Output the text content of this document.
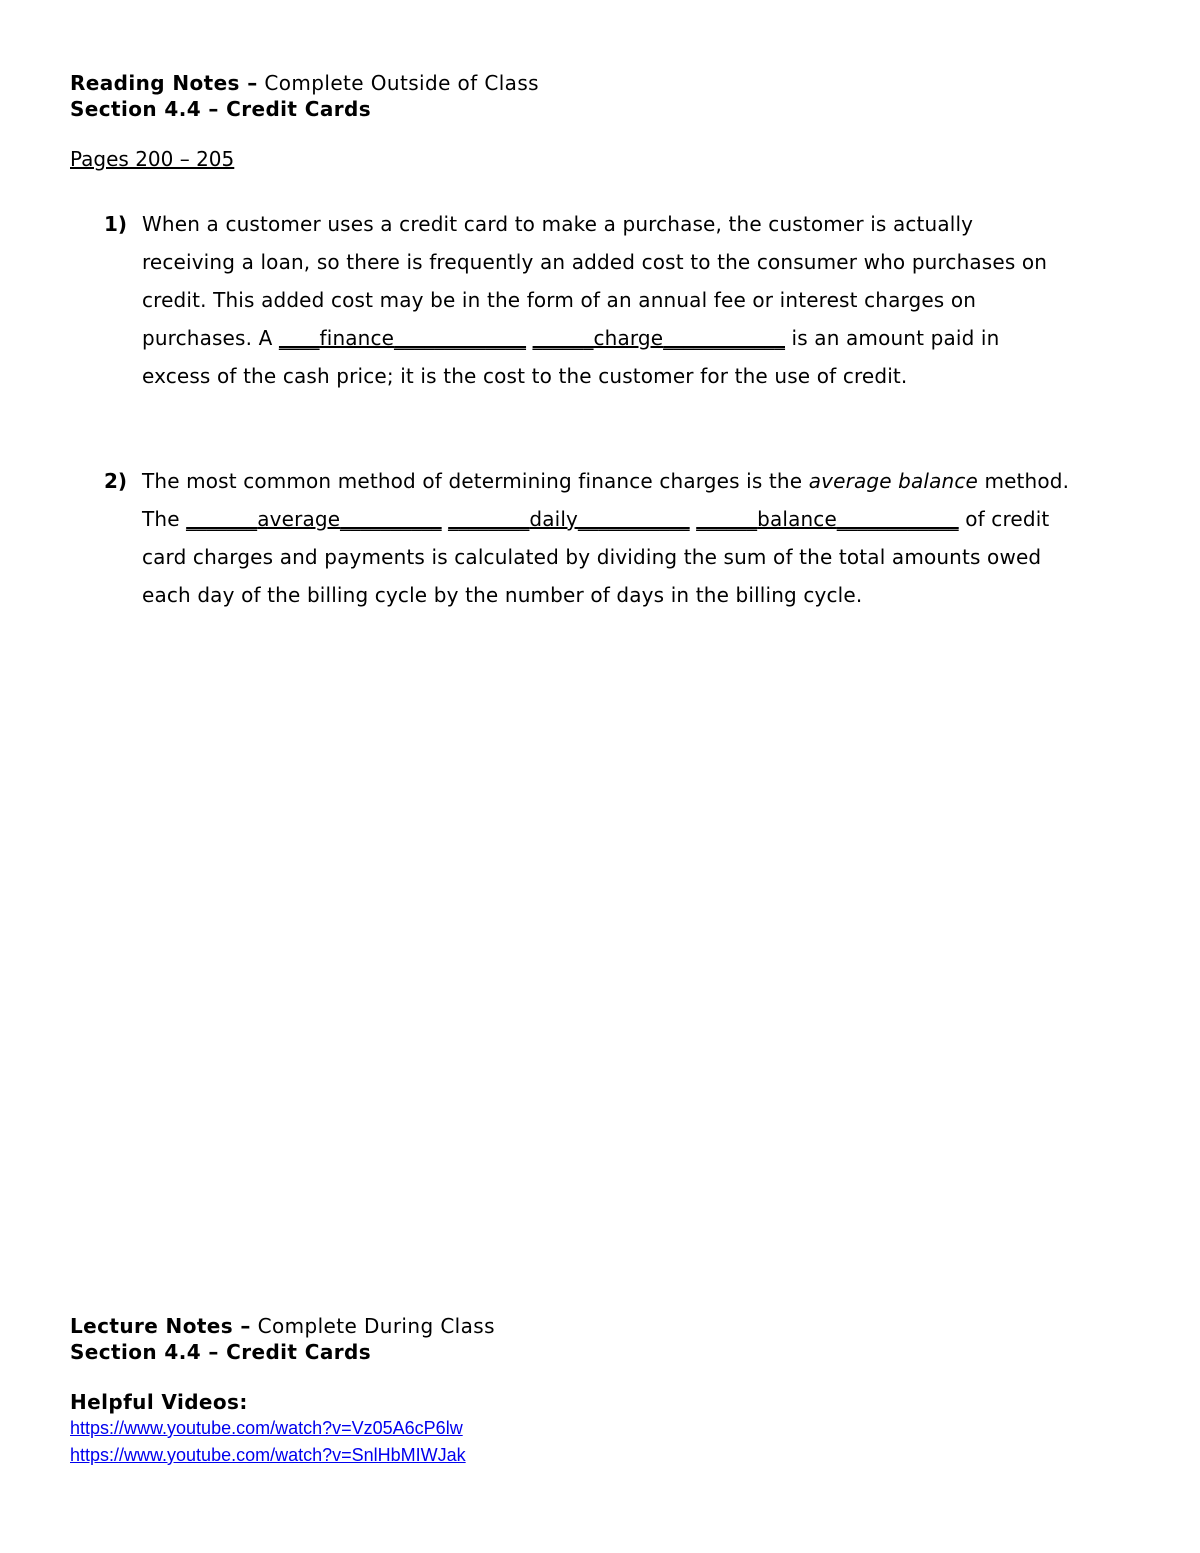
Reading Notes – Complete Outside of Class
Section 4.4 – Credit Cards
Pages 200 – 205
1) When a customer uses a credit card to make a purchase, the customer is actually
receiving a loan, so there is frequently an added cost to the consumer who purchases on
credit. This added cost may be in the form of an annual fee or interest charges on
purchases. A ____finance_____________ ______charge____________ is an amount paid in
excess of the cash price; it is the cost to the customer for the use of credit.
2) The most common method of determining finance charges is the average balance method.
The _______average__________ ________daily___________ ______balance____________ of credit
card charges and payments is calculated by dividing the sum of the total amounts owed
each day of the billing cycle by the number of days in the billing cycle.
Lecture Notes – Complete During Class
Section 4.4 – Credit Cards
Helpful Videos:
https://www.youtube.com/watch?v=Vz05A6cP6lw
https://www.youtube.com/watch?v=SnlHbMIWJak
